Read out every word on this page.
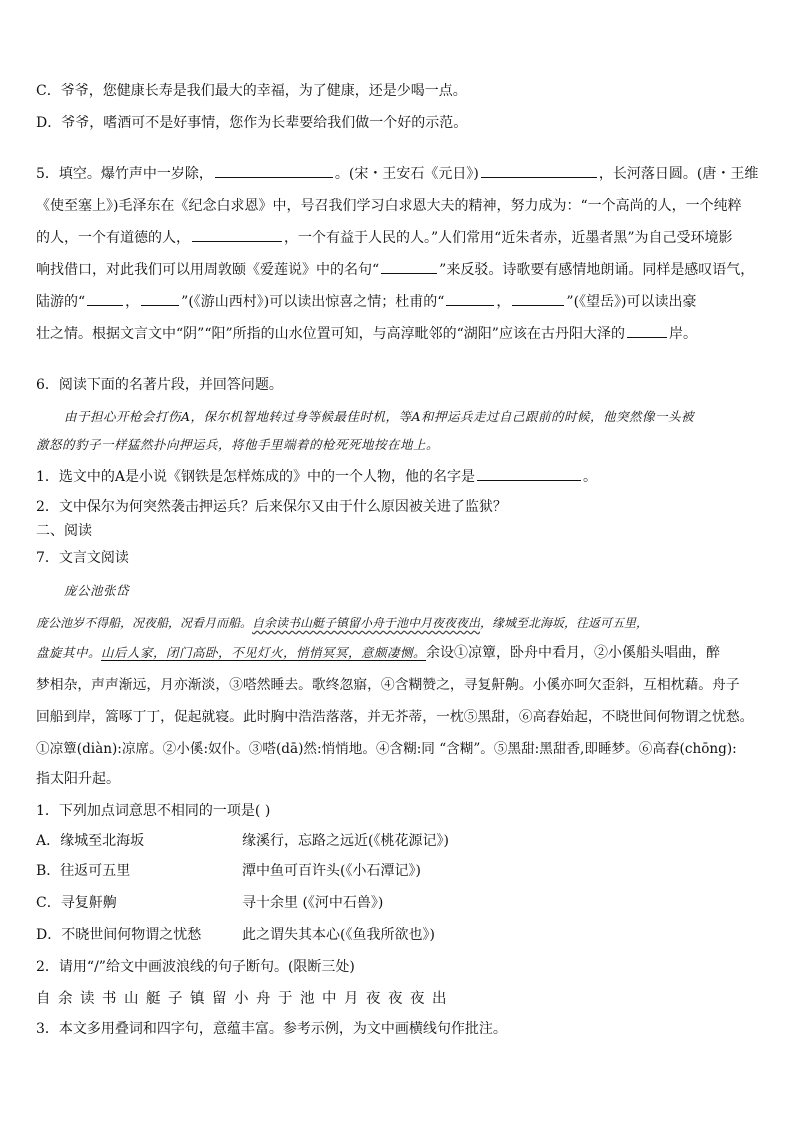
C．爷爷，您健康长寿是我们最大的幸福，为了健康，还是少喝一点。
D．爷爷，嗜酒可不是好事情，您作为长辈要给我们做一个好的示范。
5．填空。爆竹声中一岁除，	。(宋・王安石《元日》)	，长河落日圆。(唐・王维
《使至塞上》)毛泽东在《纪念白求恩》中，号召我们学习白求恩大夫的精神，努力成为：“一个高尚的人，一个纯粹
的人，一个有道德的人，	，一个有益于人民的人。”人们常用“近朱者赤，近墨者黑”为自己受环境影
响找借口，对此我们可以用周敦颐《爱莲说》中的名句“	”来反驳。诗歌要有感情地朗诵。同样是感叹语气，
陆游的“	，	”(《游山西村》)可以读出惊喜之情；杜甫的“	，	”(《望岳》)可以读出豪
壮之情。根据文言文中“阴”“阳”所指的山水位置可知，与高淳毗邻的“湖阳”应该在古丹阳大泽的	岸。
6．阅读下面的名著片段，并回答问题。
由于担心开枪会打伤A，保尔机智地转过身等候最佳时机，等A和押运兵走过自己跟前的时候，他突然像一头被
激怒的豹子一样猛然扑向押运兵，将他手里端着的枪死死地按在地上。
1．选文中的A是小说《钢铁是怎样炼成的》中的一个人物，他的名字是	。
2．文中保尔为何突然袭击押运兵？后来保尔又由于什么原因被关进了监狱？
二、阅读
7．文言文阅读
庞公池张岱
庞公池岁不得船，况夜船，况看月而船。自余读书山艇子镇留小舟于池中月夜夜夜出，缘城至北海坂，往返可五里，
盘旋其中。山后人家，闭门高卧，不见灯火，悄悄冥冥，意颇凄恻。余设①凉簟，卧舟中看月，②小傒船头唱曲，醉
梦相杂，声声渐远，月亦渐淡，③嗒然睡去。歌终忽寤，④含糊赞之，寻复鼾齁。小傒亦呵欠歪斜，互相枕藉。舟子
回船到岸，篙啄丁丁，促起就寝。此时胸中浩浩落落，并无芥蒂，一枕⑤黑甜，⑥高舂始起，不晓世间何物谓之忧愁。
①凉簟(diàn):凉席。②小傒:奴仆。③嗒(dā)然:悄悄地。④含糊:同 “含糊”。⑤黑甜:黑甜香,即睡梦。⑥高舂(chōng):
指太阳升起。
1．下列加点词意思不相同的一项是( )
A．缘城至北海坂	缘溪行，忘路之远近(《桃花源记》)
B．往返可五里	潭中鱼可百许头(《小石潭记》)
C．寻复鼾齁	寻十余里 (《河中石兽》)
D．不晓世间何物谓之忧愁	此之谓失其本心(《鱼我所欲也》)
2．请用“/”给文中画波浪线的句子断句。(限断三处)
自余读书山艇子镇留小舟于池中月夜夜夜出
3．本文多用叠词和四字句，意蕴丰富。参考示例，为文中画横线句作批注。
